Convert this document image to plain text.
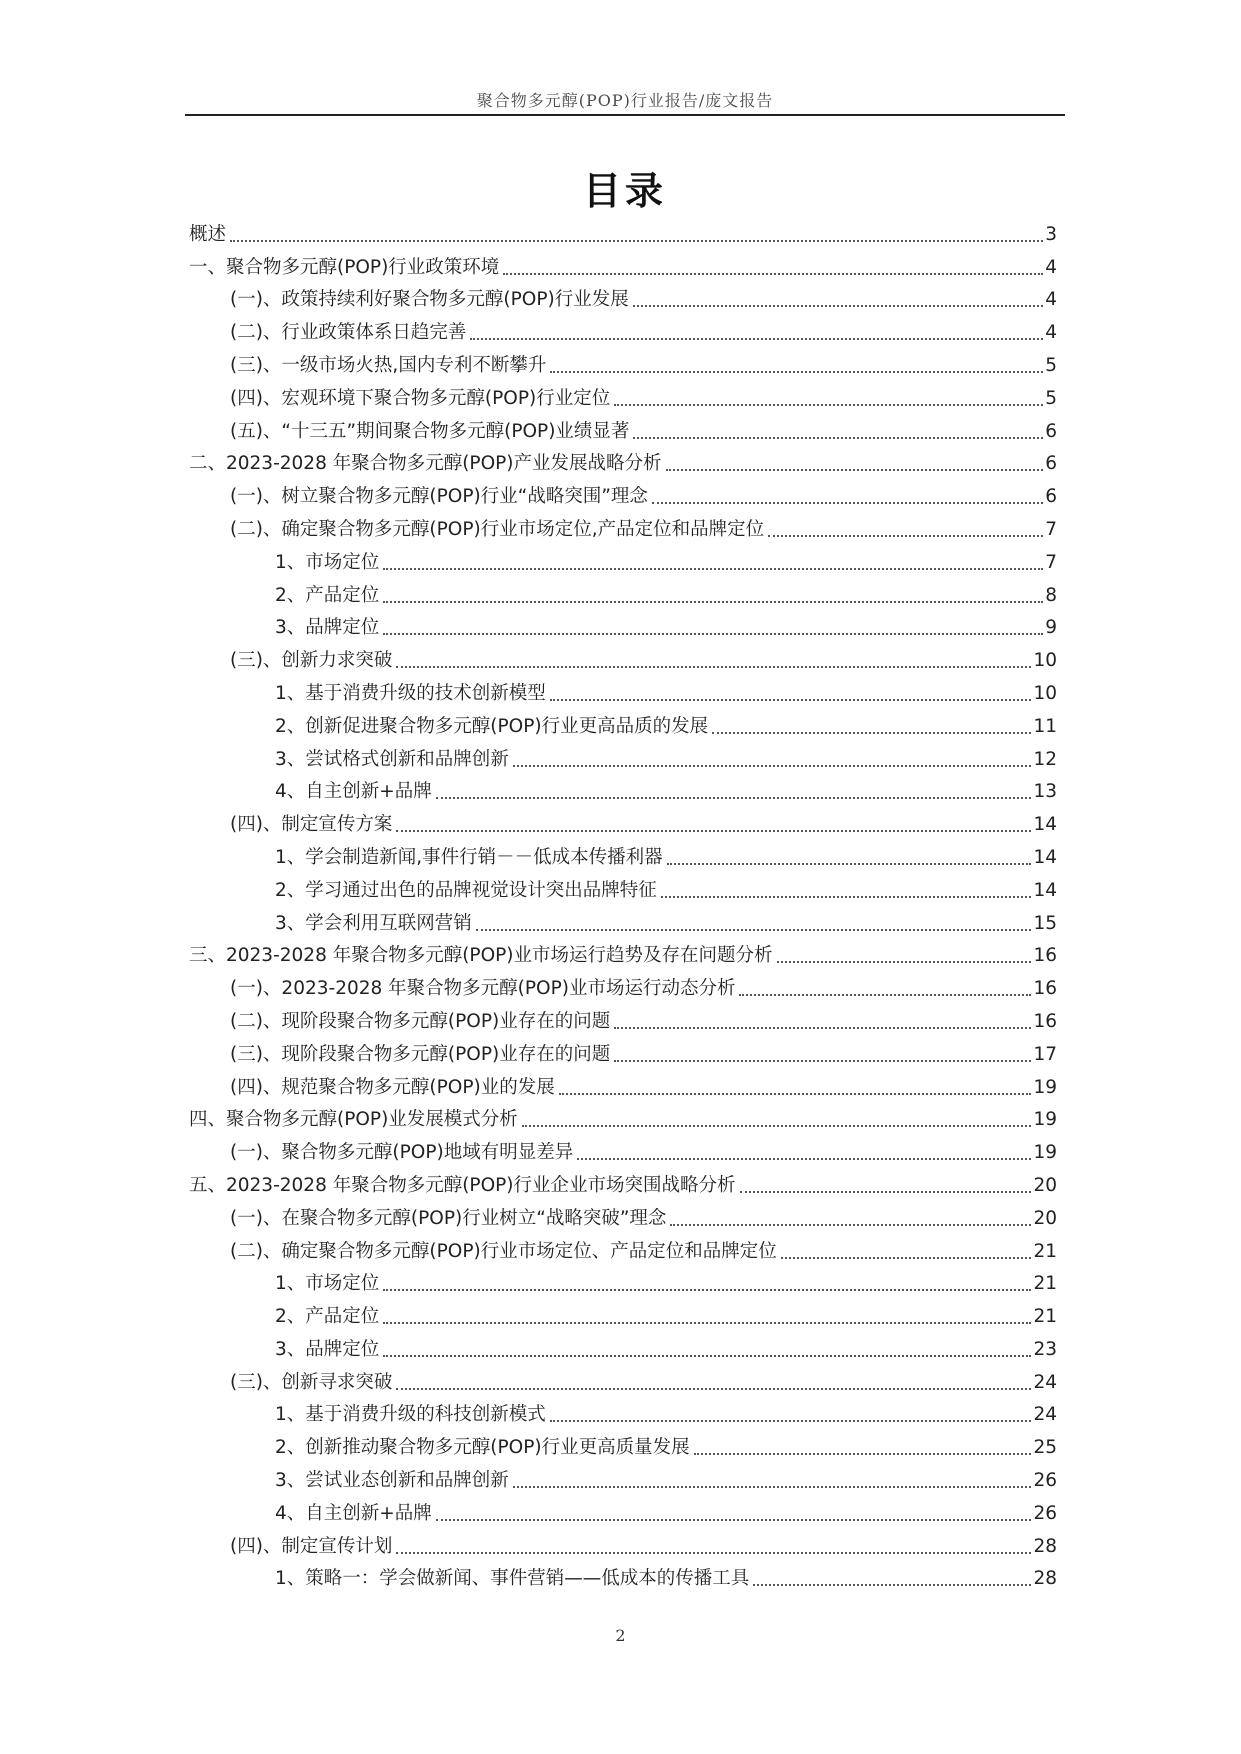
聚合物多元醇(POP)行业报告/庞文报告
目录
概述	3
一、聚合物多元醇(POP)行业政策环境	4
(一)、政策持续利好聚合物多元醇(POP)行业发展	4
(二)、行业政策体系日趋完善	4
(三)、一级市场火热,国内专利不断攀升	5
(四)、宏观环境下聚合物多元醇(POP)行业定位	5
(五)、“十三五”期间聚合物多元醇(POP)业绩显著	6
二、2023-2028 年聚合物多元醇(POP)产业发展战略分析	6
(一)、树立聚合物多元醇(POP)行业“战略突围”理念	6
(二)、确定聚合物多元醇(POP)行业市场定位,产品定位和品牌定位	7
1、市场定位	7
2、产品定位	8
3、品牌定位	9
(三)、创新力求突破	10
1、基于消费升级的技术创新模型	10
2、创新促进聚合物多元醇(POP)行业更高品质的发展	11
3、尝试格式创新和品牌创新	12
4、自主创新+品牌	13
(四)、制定宣传方案	14
1、学会制造新闻,事件行销－－低成本传播利器	14
2、学习通过出色的品牌视觉设计突出品牌特征	14
3、学会利用互联网营销	15
三、2023-2028 年聚合物多元醇(POP)业市场运行趋势及存在问题分析	16
(一)、2023-2028 年聚合物多元醇(POP)业市场运行动态分析	16
(二)、现阶段聚合物多元醇(POP)业存在的问题	16
(三)、现阶段聚合物多元醇(POP)业存在的问题	17
(四)、规范聚合物多元醇(POP)业的发展	19
四、聚合物多元醇(POP)业发展模式分析	19
(一)、聚合物多元醇(POP)地域有明显差异	19
五、2023-2028 年聚合物多元醇(POP)行业企业市场突围战略分析	20
(一)、在聚合物多元醇(POP)行业树立“战略突破”理念	20
(二)、确定聚合物多元醇(POP)行业市场定位、产品定位和品牌定位	21
1、市场定位	21
2、产品定位	21
3、品牌定位	23
(三)、创新寻求突破	24
1、基于消费升级的科技创新模式	24
2、创新推动聚合物多元醇(POP)行业更高质量发展	25
3、尝试业态创新和品牌创新	26
4、自主创新+品牌	26
(四)、制定宣传计划	28
1、策略一：学会做新闻、事件营销——低成本的传播工具	28
2
